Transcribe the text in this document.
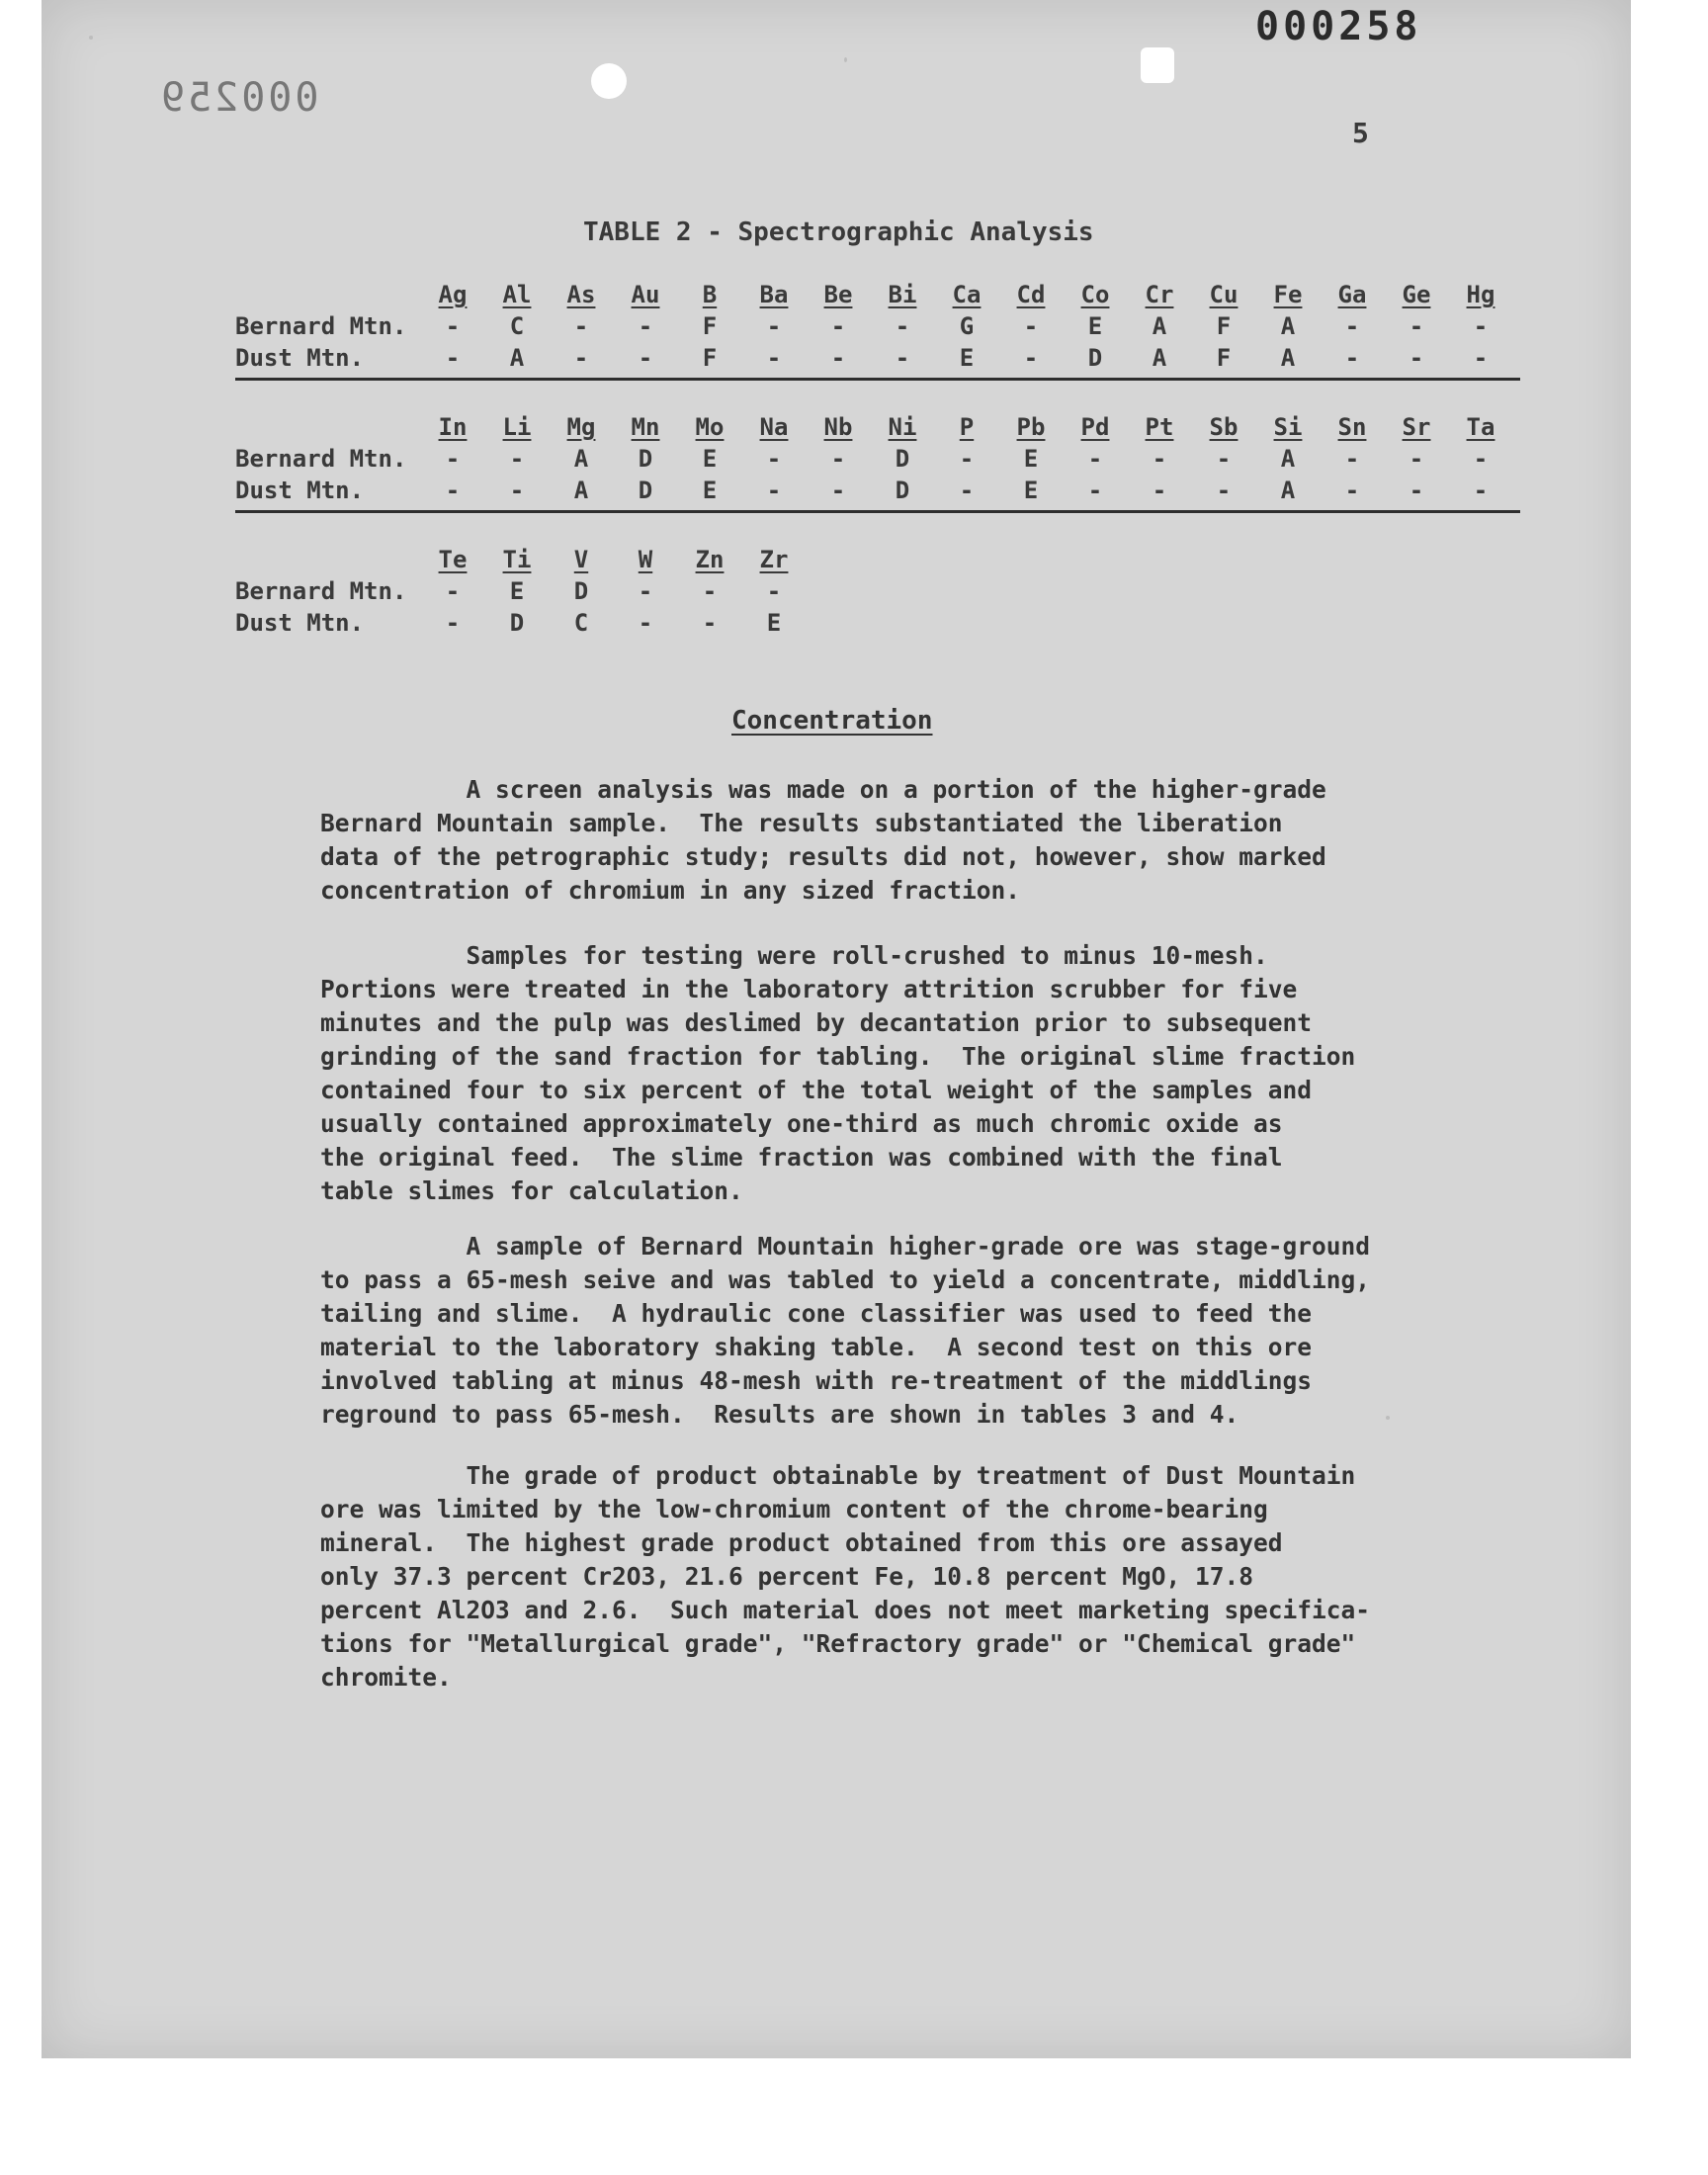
000258
000259
5
TABLE 2 - Spectrographic Analysis
Ag	Al	As	Au	B	Ba	Be	Bi	Ca	Cd	Co	Cr	Cu	Fe	Ga	Ge	Hg
Bernard Mtn.	-	C	-	-	F	-	-	-	G	-	E	A	F	A	-	-	-
Dust Mtn.	-	A	-	-	F	-	-	-	E	-	D	A	F	A	-	-	-
In	Li	Mg	Mn	Mo	Na	Nb	Ni	P	Pb	Pd	Pt	Sb	Si	Sn	Sr	Ta
Bernard Mtn.	-	-	A	D	E	-	-	D	-	E	-	-	-	A	-	-	-
Dust Mtn.	-	-	A	D	E	-	-	D	-	E	-	-	-	A	-	-	-
Te	Ti	V	W	Zn	Zr
Bernard Mtn.	-	E	D	-	-	-
Dust Mtn.	-	D	C	-	-	E
Concentration
A screen analysis was made on a portion of the higher-grade
Bernard Mountain sample.  The results substantiated the liberation
data of the petrographic study; results did not, however, show marked
concentration of chromium in any sized fraction.
Samples for testing were roll-crushed to minus 10-mesh.
Portions were treated in the laboratory attrition scrubber for five
minutes and the pulp was deslimed by decantation prior to subsequent
grinding of the sand fraction for tabling.  The original slime fraction
contained four to six percent of the total weight of the samples and
usually contained approximately one-third as much chromic oxide as
the original feed.  The slime fraction was combined with the final
table slimes for calculation.
A sample of Bernard Mountain higher-grade ore was stage-ground
to pass a 65-mesh seive and was tabled to yield a concentrate, middling,
tailing and slime.  A hydraulic cone classifier was used to feed the
material to the laboratory shaking table.  A second test on this ore
involved tabling at minus 48-mesh with re-treatment of the middlings
reground to pass 65-mesh.  Results are shown in tables 3 and 4.
The grade of product obtainable by treatment of Dust Mountain
ore was limited by the low-chromium content of the chrome-bearing
mineral.  The highest grade product obtained from this ore assayed
only 37.3 percent Cr2O3, 21.6 percent Fe, 10.8 percent MgO, 17.8
percent Al2O3 and 2.6.  Such material does not meet marketing specifica-
tions for "Metallurgical grade", "Refractory grade" or "Chemical grade"
chromite.
